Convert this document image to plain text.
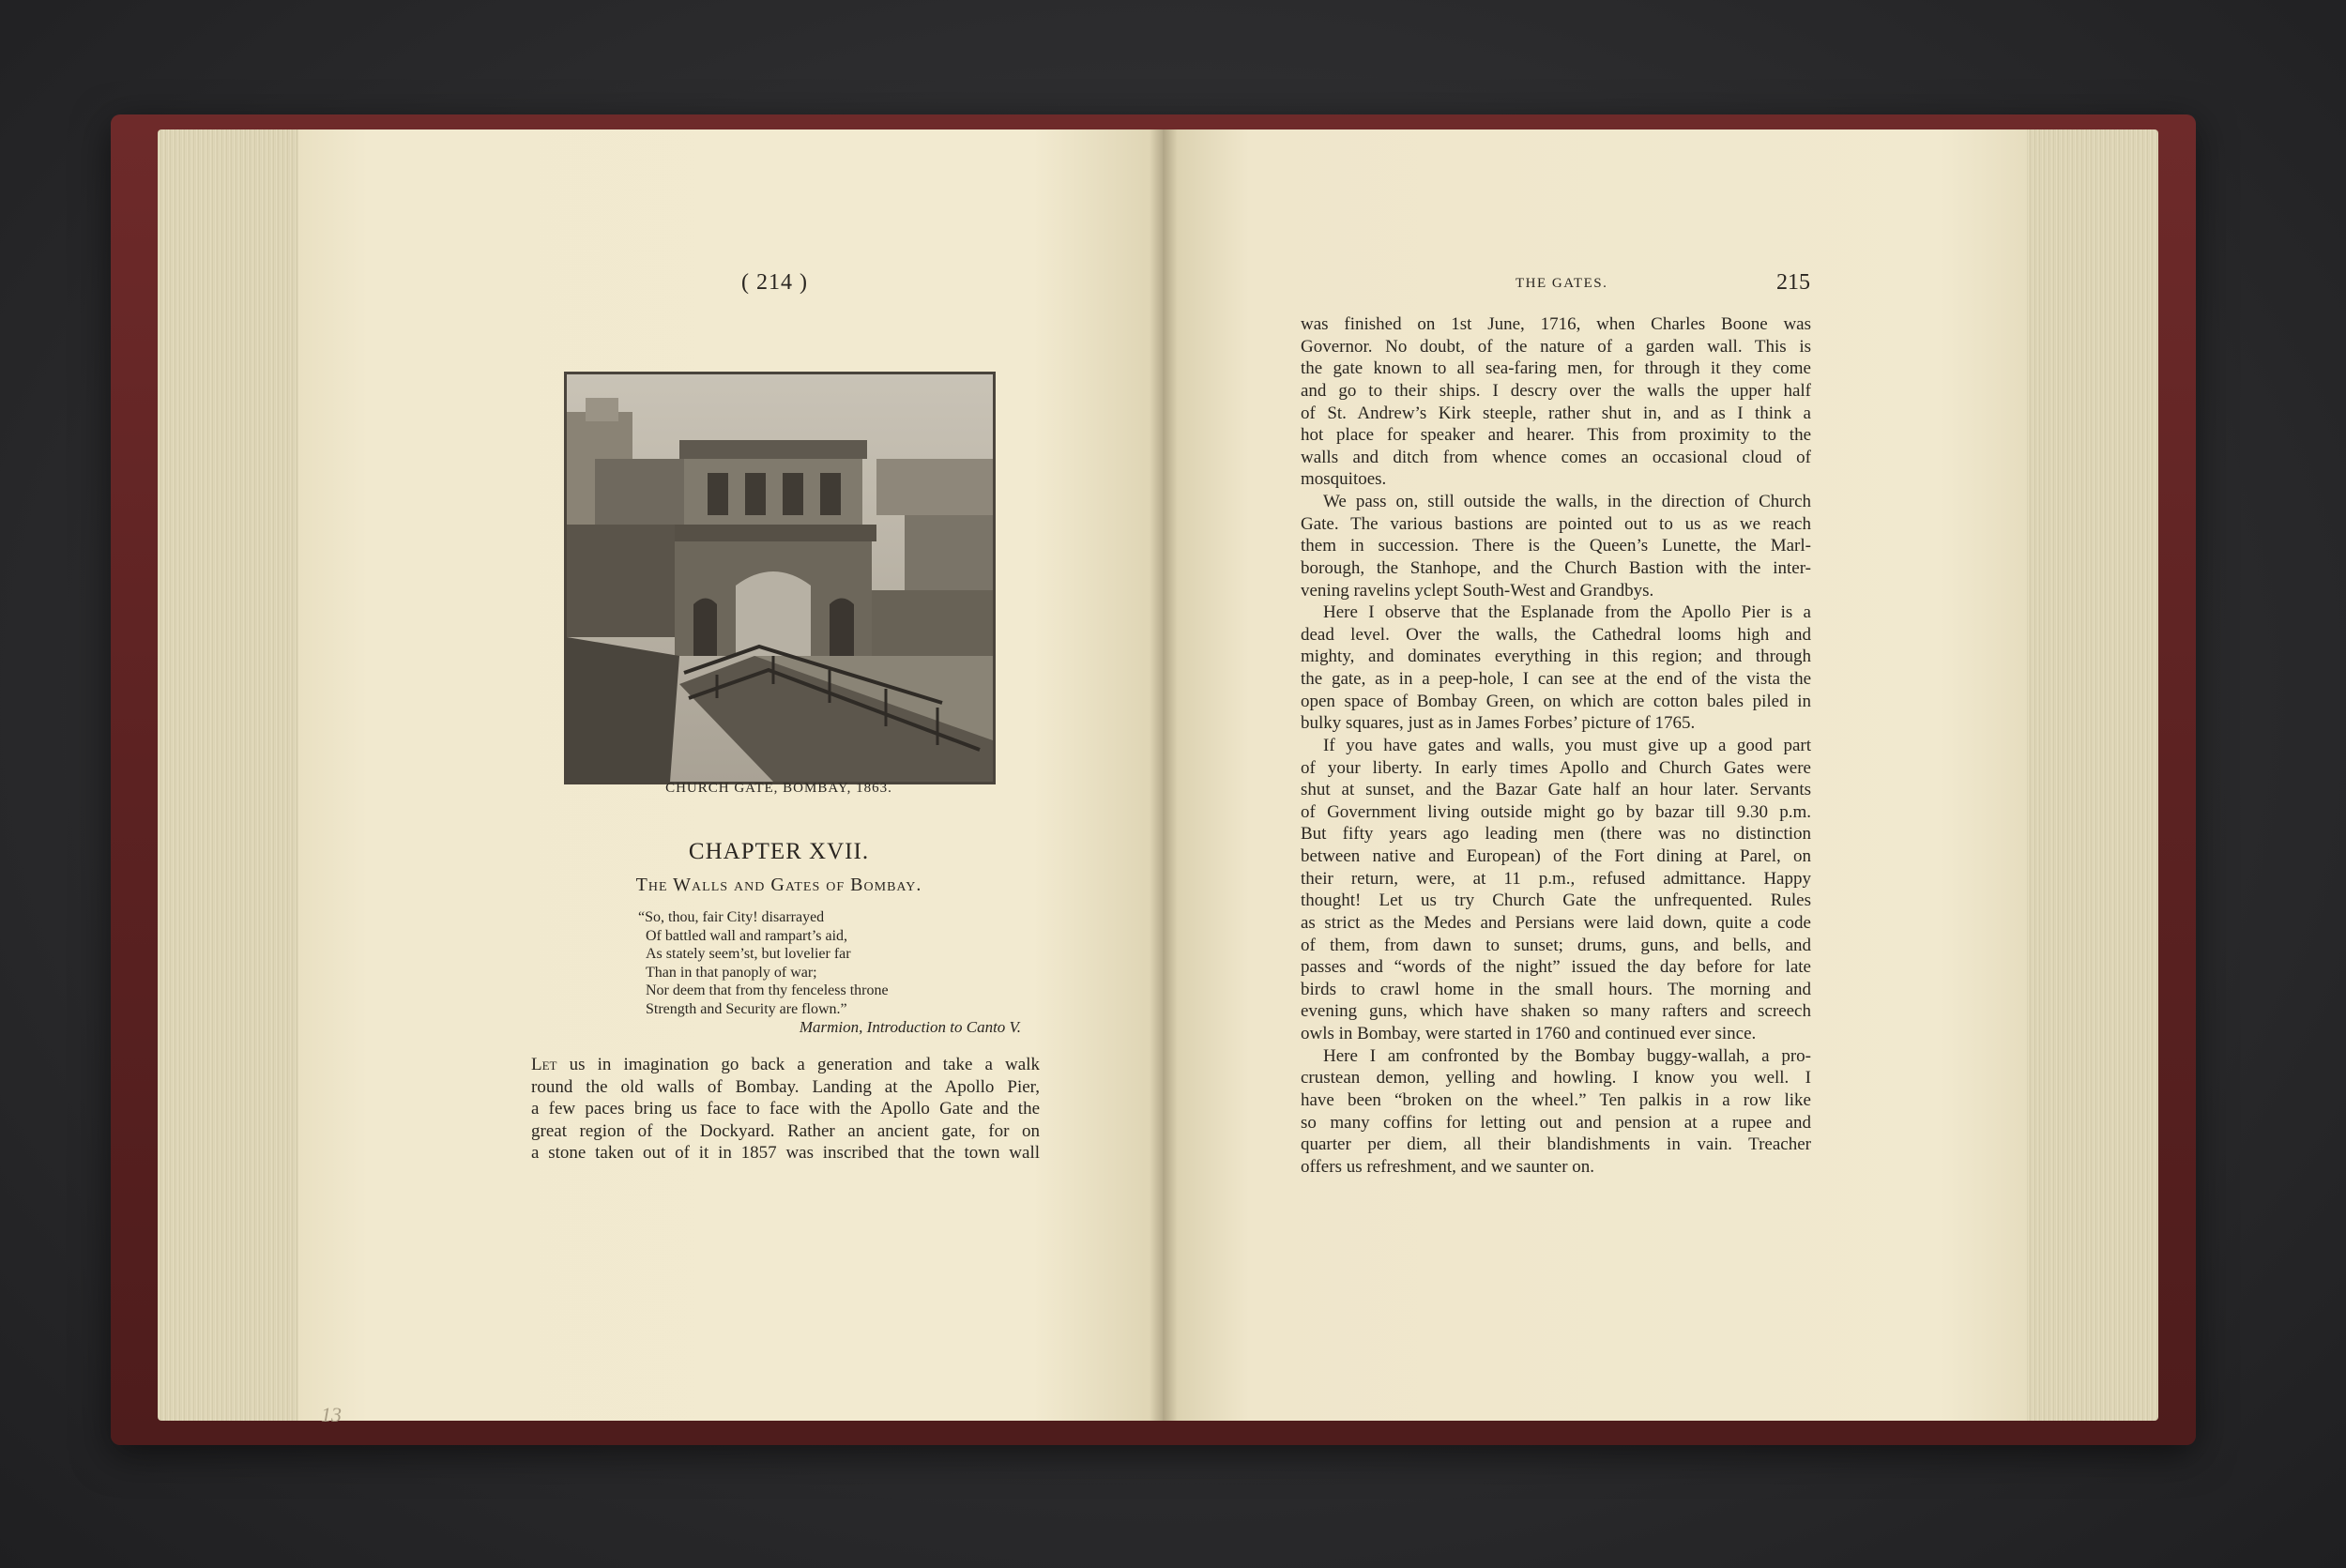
( 214 )
CHURCH GATE, BOMBAY, 1863.
CHAPTER XVII.
The Walls and Gates of Bombay.
“So, thou, fair City! disarrayed
Of battled wall and rampart’s aid,
As stately seem’st, but lovelier far
Than in that panoply of war;
Nor deem that from thy fenceless throne
Strength and Security are flown.”
Marmion, Introduction to Canto V.
Let us in imagination go back a generation and take a walk
round the old walls of Bombay. Landing at the Apollo Pier,
a few paces bring us face to face with the Apollo Gate and the
great region of the Dockyard. Rather an ancient gate, for on
a stone taken out of it in 1857 was inscribed that the town wall
13
THE GATES.	215
was finished on 1st June, 1716, when Charles Boone was
Governor. No doubt, of the nature of a garden wall. This is
the gate known to all sea-faring men, for through it they come
and go to their ships. I descry over the walls the upper half
of St. Andrew’s Kirk steeple, rather shut in, and as I think a
hot place for speaker and hearer. This from proximity to the
walls and ditch from whence comes an occasional cloud of
mosquitoes.
We pass on, still outside the walls, in the direction of Church
Gate. The various bastions are pointed out to us as we reach
them in succession. There is the Queen’s Lunette, the Marl-
borough, the Stanhope, and the Church Bastion with the inter-
vening ravelins yclept South-West and Grandbys.
Here I observe that the Esplanade from the Apollo Pier is a
dead level. Over the walls, the Cathedral looms high and
mighty, and dominates everything in this region; and through
the gate, as in a peep-hole, I can see at the end of the vista the
open space of Bombay Green, on which are cotton bales piled in
bulky squares, just as in James Forbes’ picture of 1765.
If you have gates and walls, you must give up a good part
of your liberty. In early times Apollo and Church Gates were
shut at sunset, and the Bazar Gate half an hour later. Servants
of Government living outside might go by bazar till 9.30 p.m.
But fifty years ago leading men (there was no distinction
between native and European) of the Fort dining at Parel, on
their return, were, at 11 p.m., refused admittance. Happy
thought! Let us try Church Gate the unfrequented. Rules
as strict as the Medes and Persians were laid down, quite a code
of them, from dawn to sunset; drums, guns, and bells, and
passes and “words of the night” issued the day before for late
birds to crawl home in the small hours. The morning and
evening guns, which have shaken so many rafters and screech
owls in Bombay, were started in 1760 and continued ever since.
Here I am confronted by the Bombay buggy-wallah, a pro-
crustean demon, yelling and howling. I know you well. I
have been “broken on the wheel.” Ten palkis in a row like
so many coffins for letting out and pension at a rupee and
quarter per diem, all their blandishments in vain. Treacher
offers us refreshment, and we saunter on.
